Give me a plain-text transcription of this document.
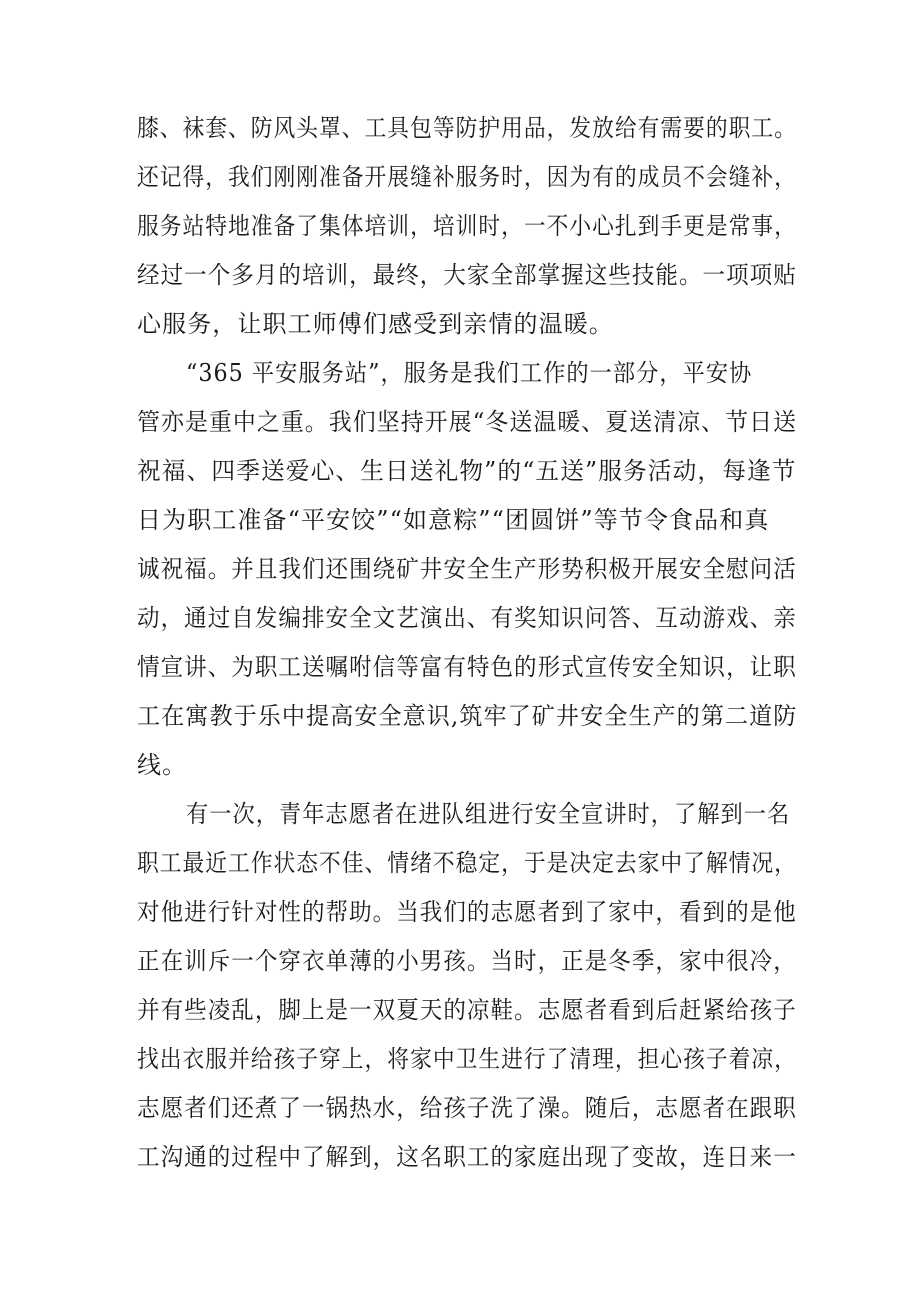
膝、袜套、防风头罩、工具包等防护用品，发放给有需要的职工。
还记得，我们刚刚准备开展缝补服务时，因为有的成员不会缝补，
服务站特地准备了集体培训，培训时，一不小心扎到手更是常事，
经过一个多月的培训，最终，大家全部掌握这些技能。一项项贴
心服务，让职工师傅们感受到亲情的温暖。
“365 平安服务站”，服务是我们工作的一部分，平安协
管亦是重中之重。我们坚持开展“冬送温暖、夏送清凉、节日送
祝福、四季送爱心、生日送礼物”的“五送”服务活动，每逢节
日为职工准备“平安饺”“如意粽”“团圆饼”等节令食品和真
诚祝福。并且我们还围绕矿井安全生产形势积极开展安全慰问活
动，通过自发编排安全文艺演出、有奖知识问答、互动游戏、亲
情宣讲、为职工送嘱咐信等富有特色的形式宣传安全知识，让职
工在寓教于乐中提高安全意识,筑牢了矿井安全生产的第二道防
线。
有一次，青年志愿者在进队组进行安全宣讲时，了解到一名
职工最近工作状态不佳、情绪不稳定，于是决定去家中了解情况，
对他进行针对性的帮助。当我们的志愿者到了家中，看到的是他
正在训斥一个穿衣单薄的小男孩。当时，正是冬季，家中很冷，
并有些凌乱，脚上是一双夏天的凉鞋。志愿者看到后赶紧给孩子
找出衣服并给孩子穿上，将家中卫生进行了清理，担心孩子着凉，
志愿者们还煮了一锅热水，给孩子洗了澡。随后，志愿者在跟职
工沟通的过程中了解到，这名职工的家庭出现了变故，连日来一
